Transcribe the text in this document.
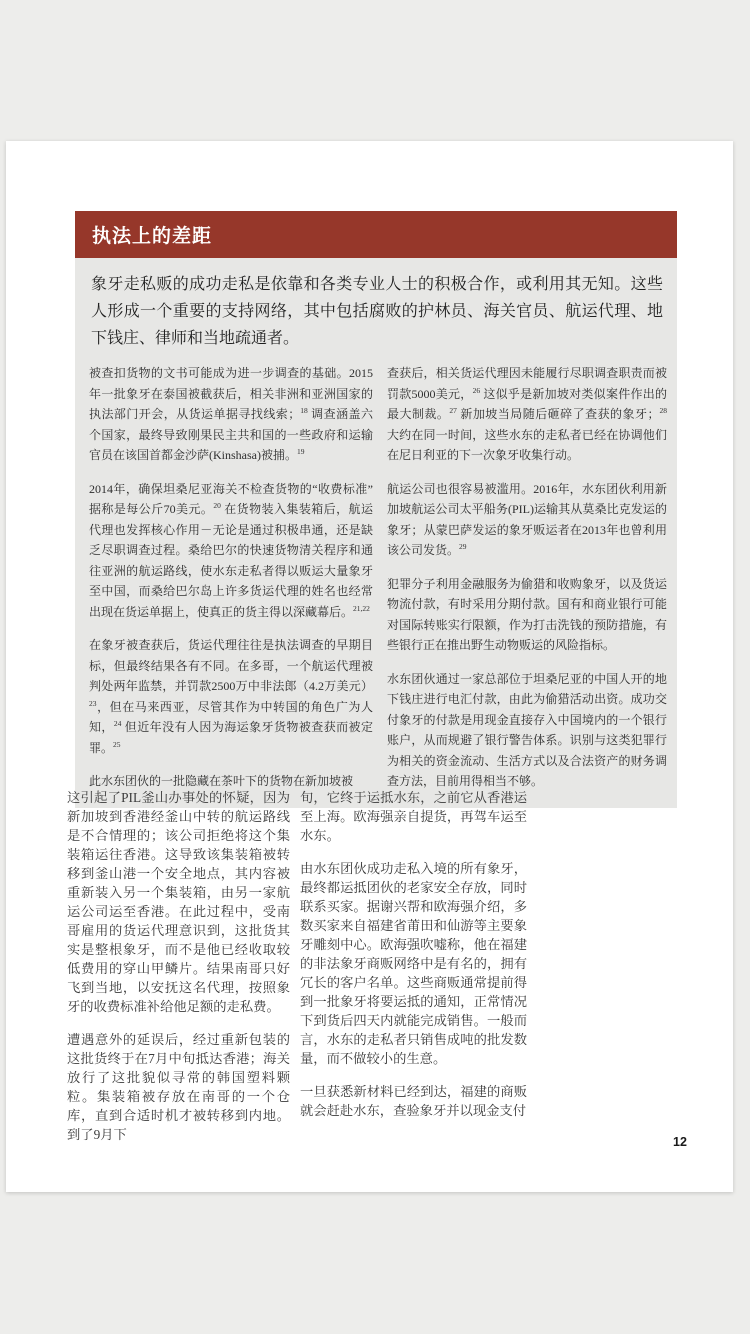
执法上的差距

象牙走私贩的成功走私是依靠和各类专业人士的积极合作，或利用其无知。这些人形成一个重要的支持网络，其中包括腐败的护林员、海关官员、航运代理、地下钱庄、律师和当地疏通者。

被查扣货物的文书可能成为进一步调查的基础。2015年一批象牙在泰国被截获后，相关非洲和亚洲国家的执法部门开会，从货运单据寻找线索；$^{18}$ 调查涵盖六个国家，最终导致刚果民主共和国的一些政府和运输官员在该国首都金沙萨(Kinshasa)被捕。$^{19}$

2014年，确保坦桑尼亚海关不检查货物的“收费标准”据称是每公斤70美元。$^{20}$ 在货物装入集装箱后，航运代理也发挥核心作用－无论是通过积极串通，还是缺乏尽职调查过程。桑给巴尔的快速货物清关程序和通往亚洲的航运路线，使水东走私者得以贩运大量象牙至中国，而桑给巴尔岛上许多货运代理的姓名也经常出现在货运单据上，使真正的货主得以深藏幕后。$^{21,22}$

在象牙被查获后，货运代理往往是执法调查的早期目标，但最终结果各有不同。在多哥，一个航运代理被判处两年监禁，并罚款2500万中非法郎（4.2万美元）$^{23}$，但在马来西亚，尽管其作为中转国的角色广为人知，$^{24}$ 但近年没有人因为海运象牙货物被查获而被定罪。$^{25}$

此水东团伙的一批隐藏在茶叶下的货物在新加坡被

查获后，相关货运代理因未能履行尽职调查职责而被罚款5000美元，$^{26}$ 这似乎是新加坡对类似案件作出的最大制裁。$^{27}$ 新加坡当局随后砸碎了查获的象牙；$^{28}$ 大约在同一时间，这些水东的走私者已经在协调他们在尼日利亚的下一次象牙收集行动。

航运公司也很容易被滥用。2016年，水东团伙利用新加坡航运公司太平船务(PIL)运输其从莫桑比克发运的象牙；从蒙巴萨发运的象牙贩运者在2013年也曾利用该公司发货。$^{29}$

犯罪分子利用金融服务为偷猎和收购象牙，以及货运物流付款，有时采用分期付款。国有和商业银行可能对国际转账实行限额，作为打击洗钱的预防措施，有些银行正在推出野生动物贩运的风险指标。

水东团伙通过一家总部位于坦桑尼亚的中国人开的地下钱庄进行电汇付款，由此为偷猎活动出资。成功交付象牙的付款是用现金直接存入中国境内的一个银行账户，从而规避了银行警告体系。识别与这类犯罪行为相关的资金流动、生活方式以及合法资产的财务调查方法，目前用得相当不够。

这引起了PIL釜山办事处的怀疑，因为新加坡到香港经釜山中转的航运路线是不合情理的；该公司拒绝将这个集装箱运往香港。这导致该集装箱被转移到釜山港一个安全地点，其内容被重新装入另一个集装箱，由另一家航运公司运至香港。在此过程中，受南哥雇用的货运代理意识到，这批货其实是整根象牙，而不是他已经收取较低费用的穿山甲鳞片。结果南哥只好飞到当地，以安抚这名代理，按照象牙的收费标准补给他足额的走私费。

遭遇意外的延误后，经过重新包装的这批货终于在7月中旬抵达香港；海关放行了这批貌似寻常的韩国塑料颗粒。集装箱被存放在南哥的一个仓库，直到合适时机才被转移到内地。到了9月下

旬，它终于运抵水东，之前它从香港运至上海。欧海强亲自提货，再驾车运至水东。

由水东团伙成功走私入境的所有象牙，最终都运抵团伙的老家安全存放，同时联系买家。据谢兴帮和欧海强介绍，多数买家来自福建省莆田和仙游等主要象牙雕刻中心。欧海强吹嘘称，他在福建的非法象牙商贩网络中是有名的，拥有冗长的客户名单。这些商贩通常提前得到一批象牙将要运抵的通知，正常情况下到货后四天内就能完成销售。一般而言，水东的走私者只销售成吨的批发数量，而不做较小的生意。

一旦获悉新材料已经到达，福建的商贩就会赶赴水东，查验象牙并以现金支付

12
